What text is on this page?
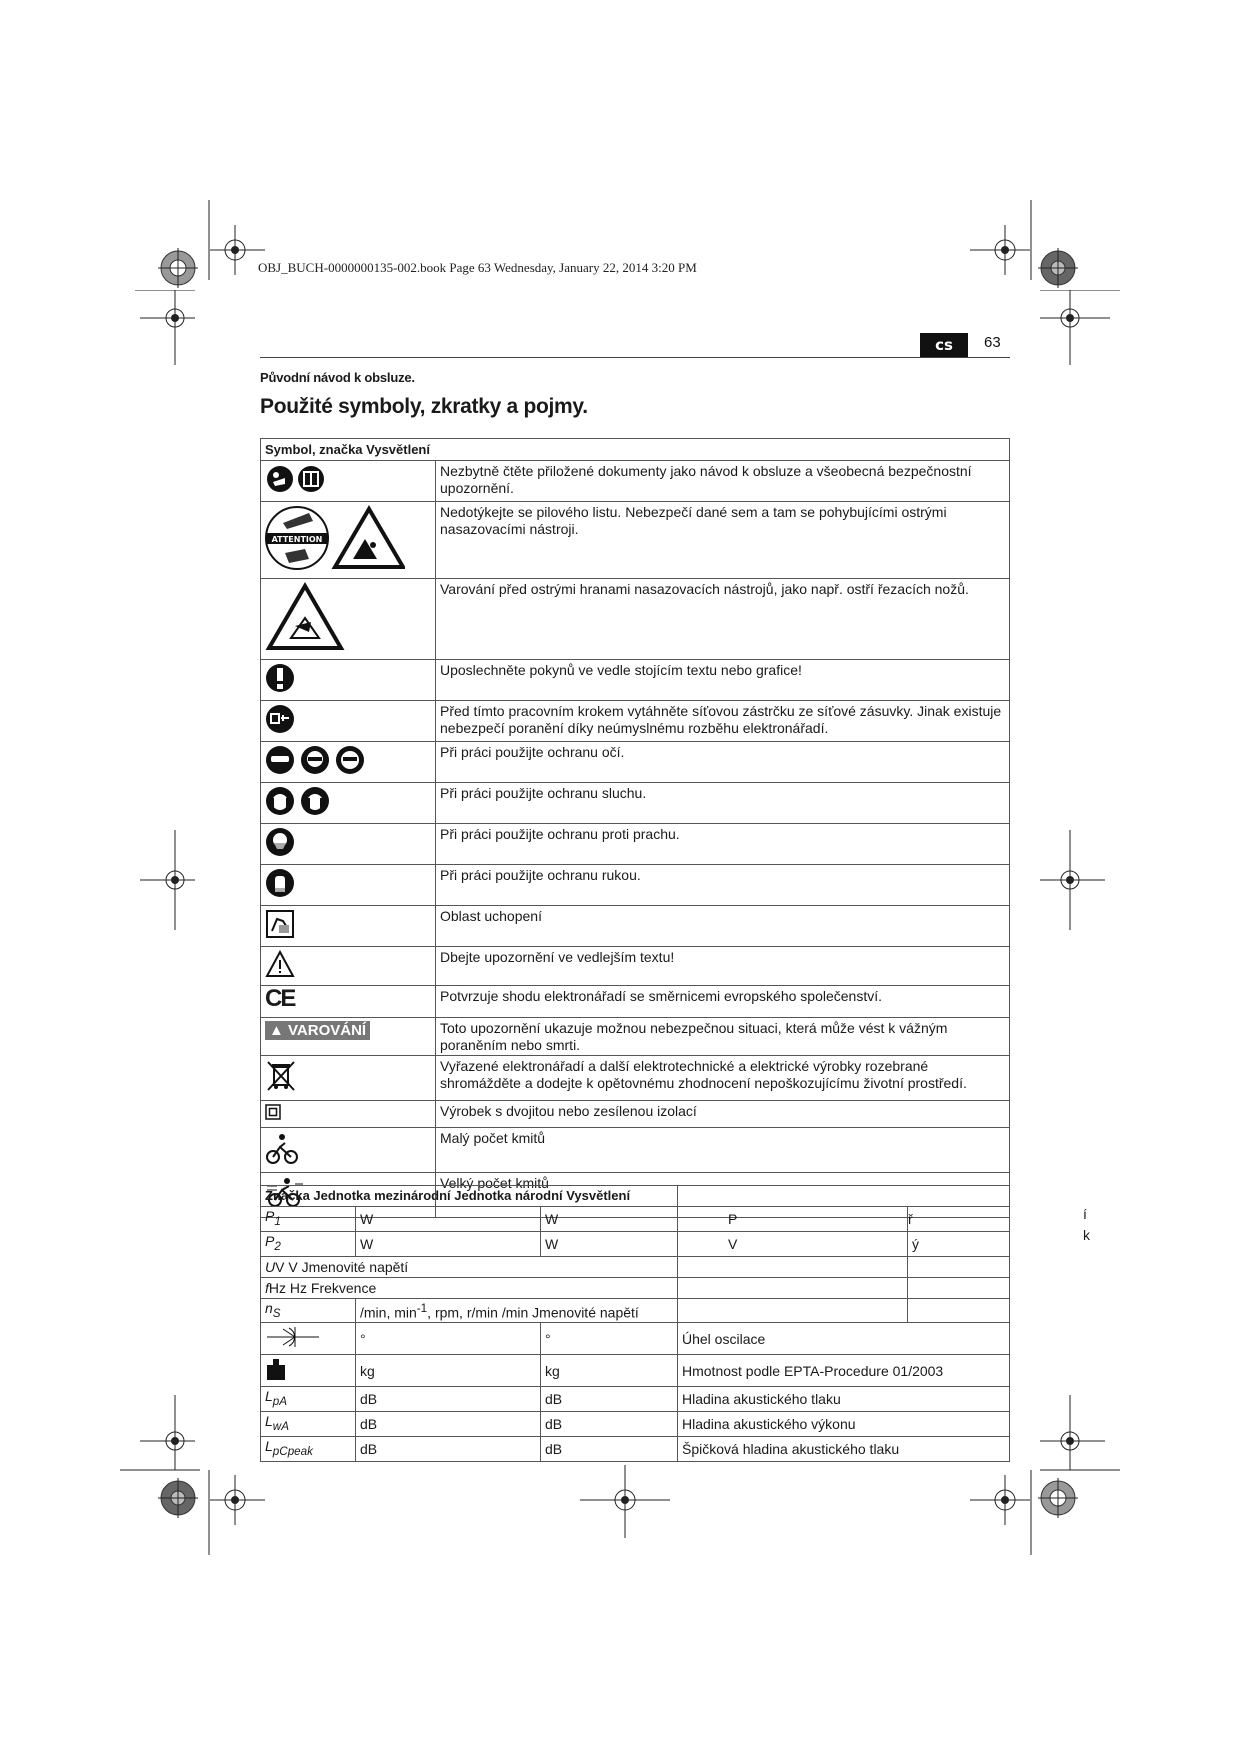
OBJ_BUCH-0000000135-002.book Page 63 Wednesday, January 22, 2014 3:20 PM
cs	63
Původní návod k obsluze.
Použité symboly, zkratky a pojmy.
Symbol, značka Vysvětlení	
	Nezbytně čtěte přiložené dokumenty jako návod k obsluze a všeobecná bezpečnostní upozornění.

ATTENTION	Nedotýkejte se pilového listu. Nebezpečí dané sem a tam se pohybujícími ostrými nasazovacími nástroji.
	Varování před ostrými hranami nasazovacích nástrojů, jako např. ostří řezacích nožů.
	Uposlechněte pokynů ve vedle stojícím textu nebo grafice!
	Před tímto pracovním krokem vytáhněte síťovou zástrčku ze síťové zásuvky. Jinak existuje nebezpečí poranění díky neúmyslnému rozběhu elektronářadí.
	Při práci použijte ochranu očí.
	Při práci použijte ochranu sluchu.
	Při práci použijte ochranu proti prachu.
	Při práci použijte ochranu rukou.
	Oblast uchopení
	Dbejte upozornění ve vedlejším textu!
CE	Potvrzuje shodu elektronářadí se směrnicemi evropského společenství.
▲ VAROVÁNÍ	Toto upozornění ukazuje možnou nebezpečnou situaci, která může vést k vážným poraněním nebo smrti.
	Vyřazené elektronářadí a další elektrotechnické a elektrické výrobky rozebrané shromážděte a dodejte k opětovnému zhodnocení nepoškozujícímu životní prostředí.
	Výrobek s dvojitou nebo zesílenou izolací
	Malý počet kmitů
	Velký počet kmitů
Značka Jednotka mezinárodní Jednotka národní Vysvětlení				
$P_1$	W	W	P	ř
$P_2$	W	W	V	ý
UV V Jmenovité napětí				
fHz Hz Frekvence				
$n_S$	/min, $\min^{-1}$, rpm, r/min /min Jmenovité napětí			
	°	°	Úhel oscilace	
	kg	kg	Hmotnost podle EPTA-Procedure 01/2003	
$L_{pA}$	dB	dB	Hladina akustického tlaku	
$L_{wA}$	dB	dB	Hladina akustického výkonu	
$L_{pCpeak}$	dB	dB	Špičková hladina akustického tlaku	
í
k
